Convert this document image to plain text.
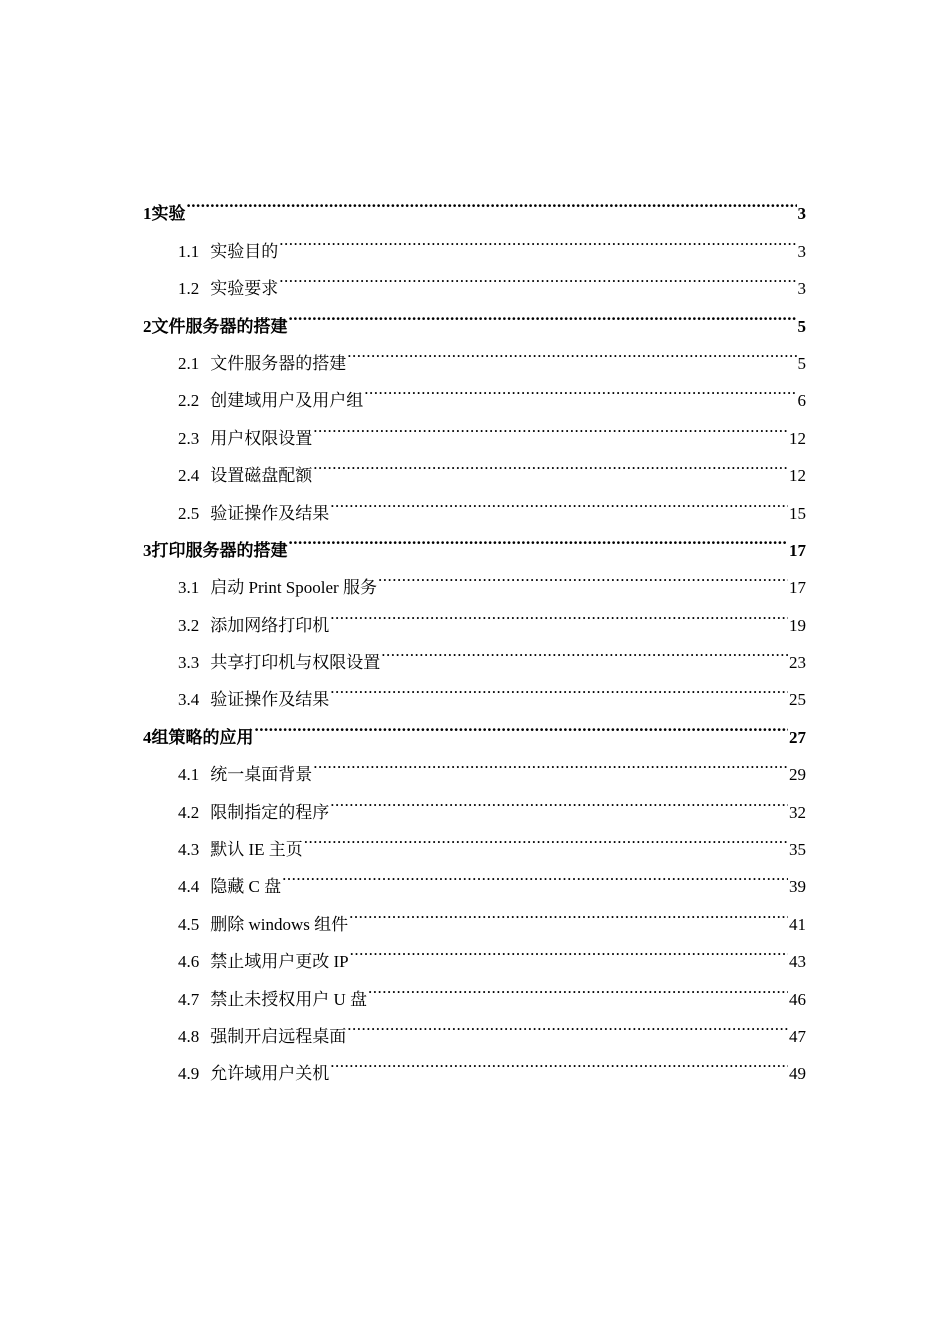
1 实验 .....	3
1.1 实验目的 .....	3
1.2 实验要求 .....	3
2 文件服务器的搭建 .....	5
2.1 文件服务器的搭建 .....	5
2.2 创建域用户及用户组 .....	6
2.3 用户权限设置 .....	12
2.4 设置磁盘配额 .....	12
2.5 验证操作及结果 .....	15
3 打印服务器的搭建 .....	17
3.1 启动 Print Spooler 服务 .....	17
3.2 添加网络打印机 .....	19
3.3 共享打印机与权限设置 .....	23
3.4 验证操作及结果 .....	25
4 组策略的应用 .....	27
4.1 统一桌面背景 .....	29
4.2 限制指定的程序 .....	32
4.3 默认 IE 主页 .....	35
4.4 隐藏 C 盘 .....	39
4.5 删除 windows 组件 .....	41
4.6 禁止域用户更改 IP .....	43
4.7 禁止未授权用户 U 盘 .....	46
4.8 强制开启远程桌面 .....	47
4.9 允许域用户关机 .....	49
